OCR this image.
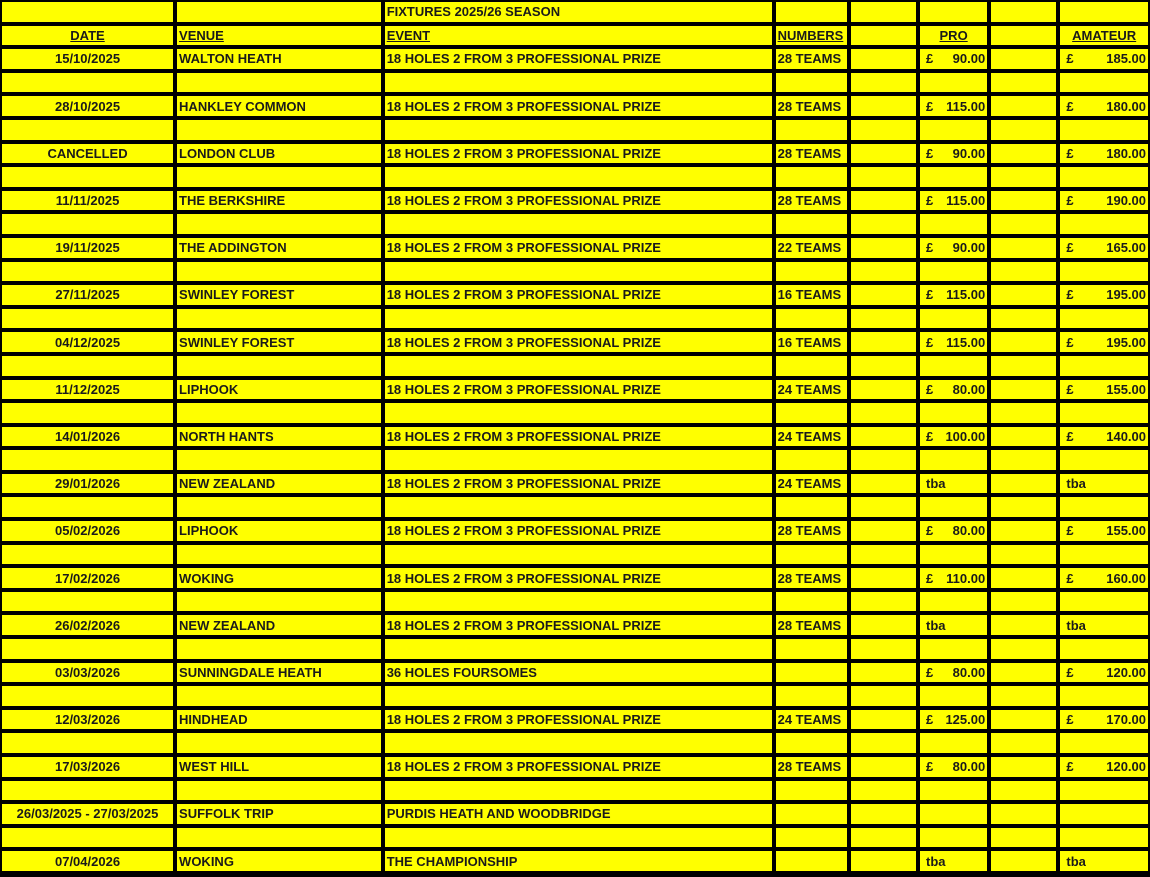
		FIXTURES 2025/26 SEASON					
DATE	VENUE	EVENT	NUMBERS		PRO		AMATEUR
15/10/2025	WALTON HEATH	18 HOLES 2 FROM 3 PROFESSIONAL PRIZE	28 TEAMS		£ 90.00		£ 185.00

28/10/2025	HANKLEY COMMON	18 HOLES 2 FROM 3 PROFESSIONAL PRIZE	28 TEAMS		£ 115.00		£ 180.00

CANCELLED	LONDON CLUB	18 HOLES 2 FROM 3 PROFESSIONAL PRIZE	28 TEAMS		£ 90.00		£ 180.00

11/11/2025	THE BERKSHIRE	18 HOLES 2 FROM 3 PROFESSIONAL PRIZE	28 TEAMS		£ 115.00		£ 190.00

19/11/2025	THE ADDINGTON	18 HOLES 2 FROM 3 PROFESSIONAL PRIZE	22 TEAMS		£ 90.00		£ 165.00

27/11/2025	SWINLEY FOREST	18 HOLES 2 FROM 3 PROFESSIONAL PRIZE	16 TEAMS		£ 115.00		£ 195.00

04/12/2025	SWINLEY FOREST	18 HOLES 2 FROM 3 PROFESSIONAL PRIZE	16 TEAMS		£ 115.00		£ 195.00

11/12/2025	LIPHOOK	18 HOLES 2 FROM 3 PROFESSIONAL PRIZE	24 TEAMS		£ 80.00		£ 155.00

14/01/2026	NORTH HANTS	18 HOLES 2 FROM 3 PROFESSIONAL PRIZE	24 TEAMS		£ 100.00		£ 140.00

29/01/2026	NEW ZEALAND	18 HOLES 2 FROM 3 PROFESSIONAL PRIZE	24 TEAMS		tba		tba

05/02/2026	LIPHOOK	18 HOLES 2 FROM 3 PROFESSIONAL PRIZE	28 TEAMS		£ 80.00		£ 155.00

17/02/2026	WOKING	18 HOLES 2 FROM 3 PROFESSIONAL PRIZE	28 TEAMS		£ 110.00		£ 160.00

26/02/2026	NEW ZEALAND	18 HOLES 2 FROM 3 PROFESSIONAL PRIZE	28 TEAMS		tba		tba

03/03/2026	SUNNINGDALE HEATH	36 HOLES FOURSOMES			£ 80.00		£ 120.00

12/03/2026	HINDHEAD	18 HOLES 2 FROM 3 PROFESSIONAL PRIZE	24 TEAMS		£ 125.00		£ 170.00

17/03/2026	WEST HILL	18 HOLES 2 FROM 3 PROFESSIONAL PRIZE	28 TEAMS		£ 80.00		£ 120.00

26/03/2025 - 27/03/2025	SUFFOLK TRIP	PURDIS HEATH AND WOODBRIDGE					

07/04/2026	WOKING	THE CHAMPIONSHIP			tba		tba
